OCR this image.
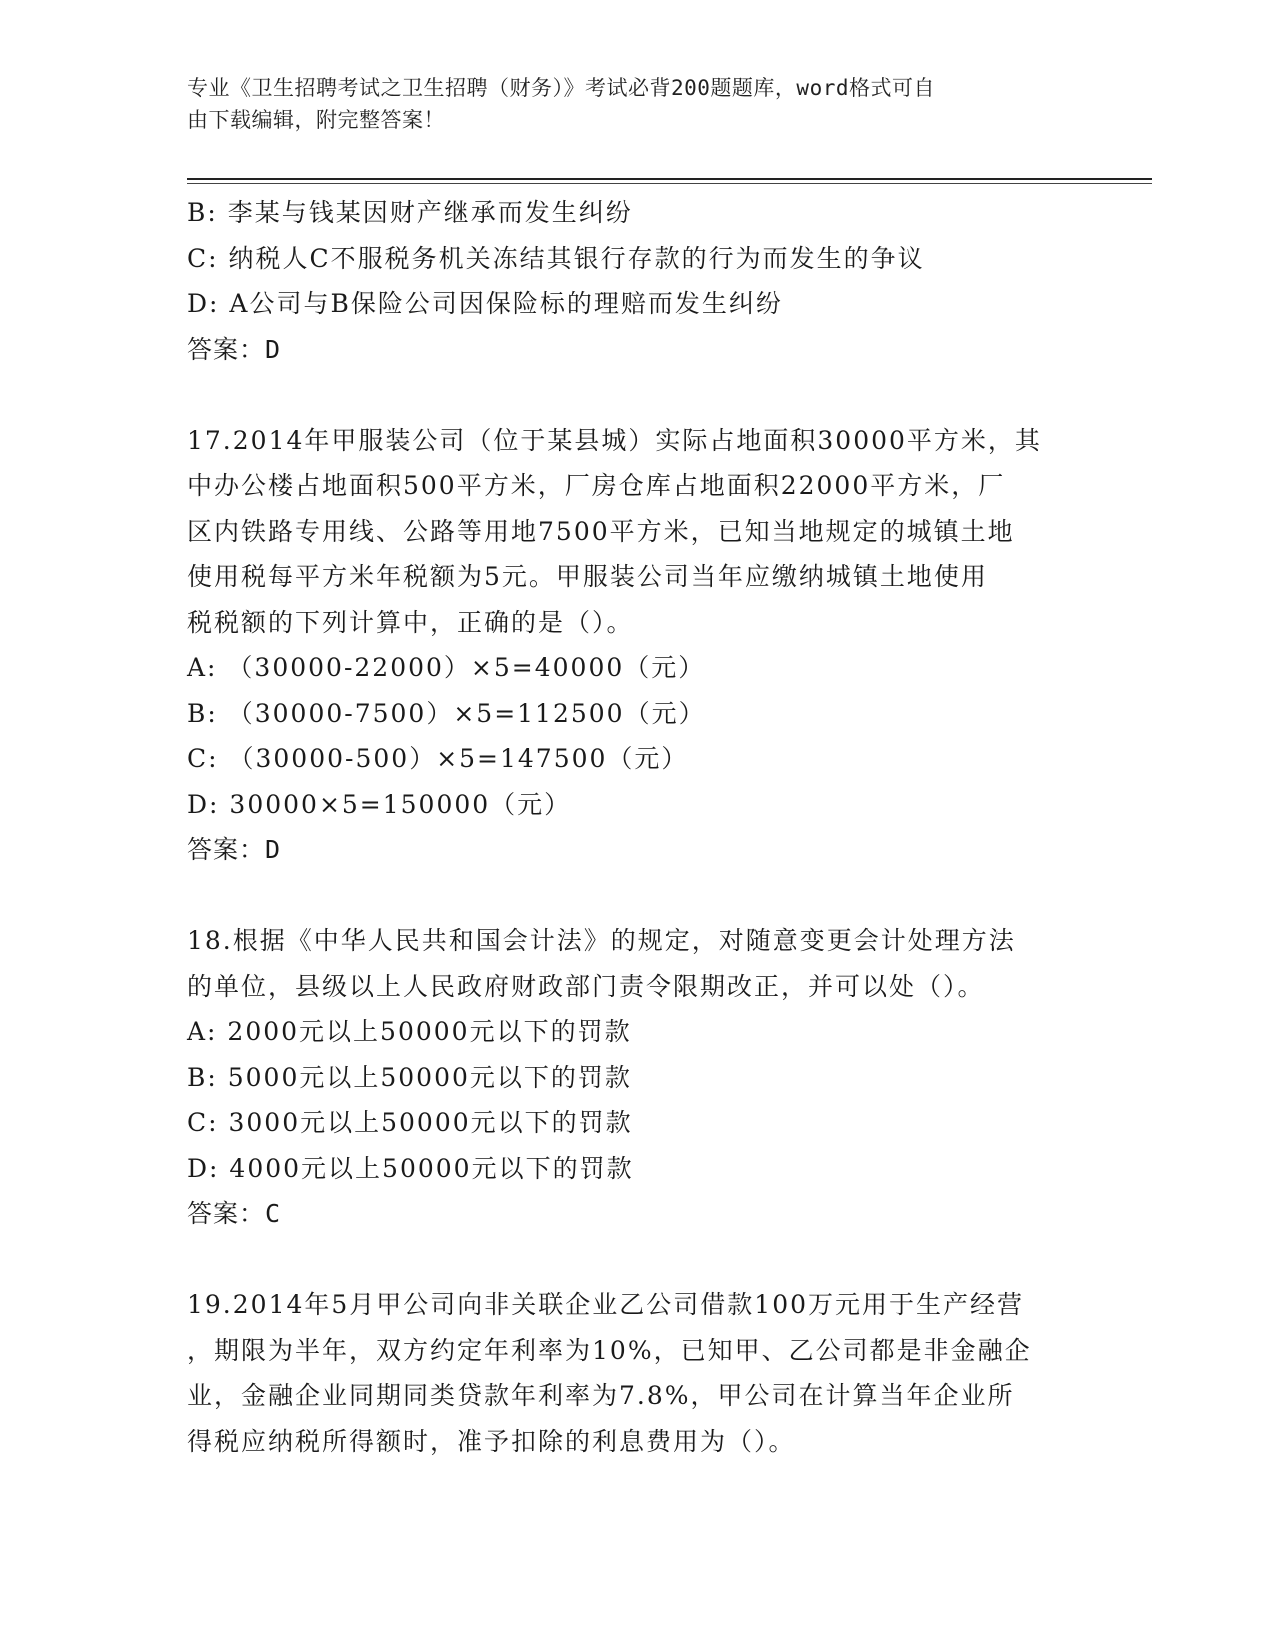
专业《卫生招聘考试之卫生招聘（财务）》考试必背200题题库，word格式可自
由下载编辑，附完整答案！
B: 李某与钱某因财产继承而发生纠纷
C: 纳税人C不服税务机关冻结其银行存款的行为而发生的争议
D: A公司与B保险公司因保险标的理赔而发生纠纷
答案：D
17.2014年甲服装公司（位于某县城）实际占地面积30000平方米，其
中办公楼占地面积500平方米，厂房仓库占地面积22000平方米，厂
区内铁路专用线、公路等用地7500平方米，已知当地规定的城镇土地
使用税每平方米年税额为5元。甲服装公司当年应缴纳城镇土地使用
税税额的下列计算中，正确的是（）。
A: （30000-22000）×5=40000（元）
B: （30000-7500）×5=112500（元）
C: （30000-500）×5=147500（元）
D: 30000×5=150000（元）
答案：D
18.根据《中华人民共和国会计法》的规定，对随意变更会计处理方法
的单位，县级以上人民政府财政部门责令限期改正，并可以处（）。
A: 2000元以上50000元以下的罚款
B: 5000元以上50000元以下的罚款
C: 3000元以上50000元以下的罚款
D: 4000元以上50000元以下的罚款
答案：C
19.2014年5月甲公司向非关联企业乙公司借款100万元用于生产经营
，期限为半年，双方约定年利率为10%，已知甲、乙公司都是非金融企
业，金融企业同期同类贷款年利率为7.8%，甲公司在计算当年企业所
得税应纳税所得额时，准予扣除的利息费用为（）。
